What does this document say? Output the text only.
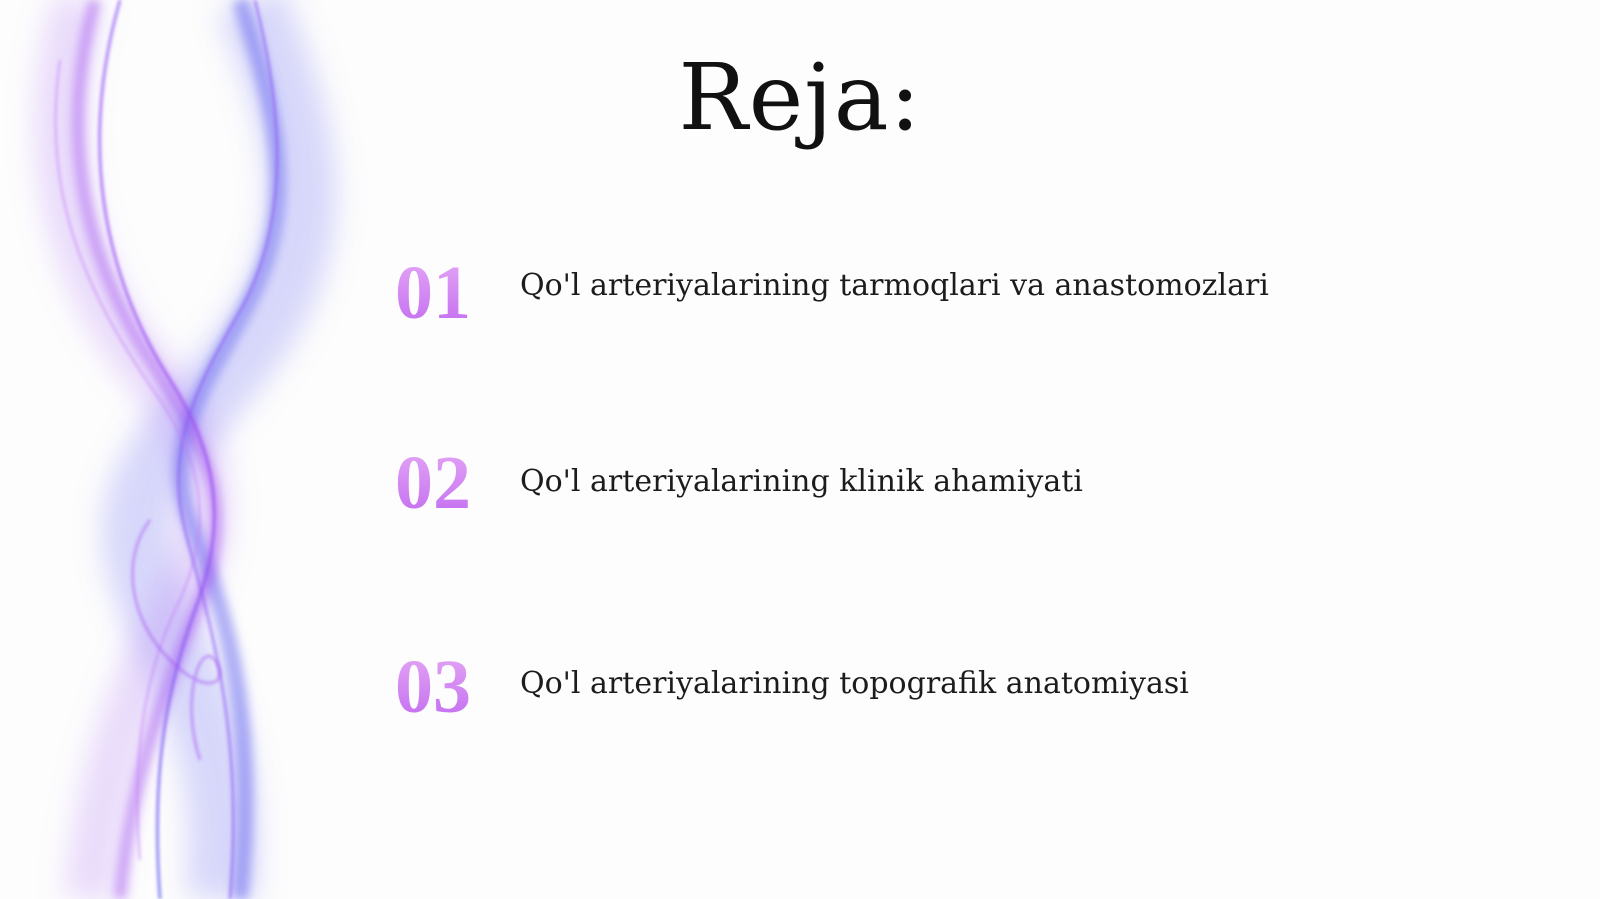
Reja:
01 Qo'l arteriyalarining tarmoqlari va anastomozlari
02 Qo'l arteriyalarining klinik ahamiyati
03 Qo'l arteriyalarining topografik anatomiyasi
